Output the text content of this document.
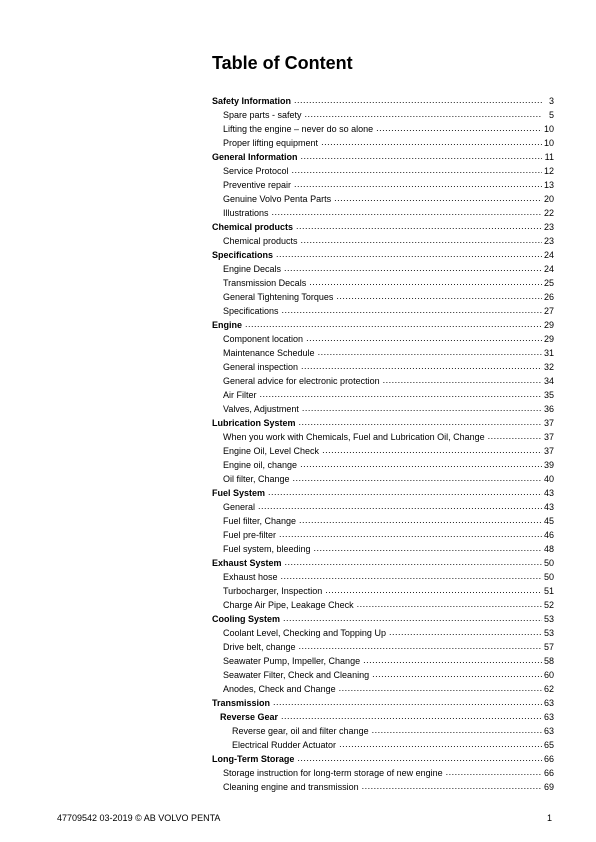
Table of Content
Safety Information .....	3
Spare parts - safety .....	5
Lifting the engine – never do so alone .....	10
Proper lifting equipment .....	10
General Information .....	11
Service Protocol .....	12
Preventive repair .....	13
Genuine Volvo Penta Parts .....	20
Illustrations .....	22
Chemical products .....	23
Chemical products .....	23
Specifications .....	24
Engine Decals .....	24
Transmission Decals .....	25
General Tightening Torques .....	26
Specifications .....	27
Engine .....	29
Component location .....	29
Maintenance Schedule .....	31
General inspection .....	32
General advice for electronic protection .....	34
Air Filter .....	35
Valves, Adjustment .....	36
Lubrication System .....	37
When you work with Chemicals, Fuel and Lubrication Oil, Change .....	37
Engine Oil, Level Check .....	37
Engine oil, change .....	39
Oil filter, Change .....	40
Fuel System .....	43
General .....	43
Fuel filter, Change .....	45
Fuel pre-filter .....	46
Fuel system, bleeding .....	48
Exhaust System .....	50
Exhaust hose .....	50
Turbocharger, Inspection .....	51
Charge Air Pipe, Leakage Check .....	52
Cooling System .....	53
Coolant Level, Checking and Topping Up .....	53
Drive belt, change .....	57
Seawater Pump, Impeller, Change .....	58
Seawater Filter, Check and Cleaning .....	60
Anodes, Check and Change .....	62
Transmission .....	63
Reverse Gear .....	63
Reverse gear, oil and filter change .....	63
Electrical Rudder Actuator .....	65
Long-Term Storage .....	66
Storage instruction for long-term storage of new engine .....	66
Cleaning engine and transmission .....	69
47709542 03-2019 © AB VOLVO PENTA	1
